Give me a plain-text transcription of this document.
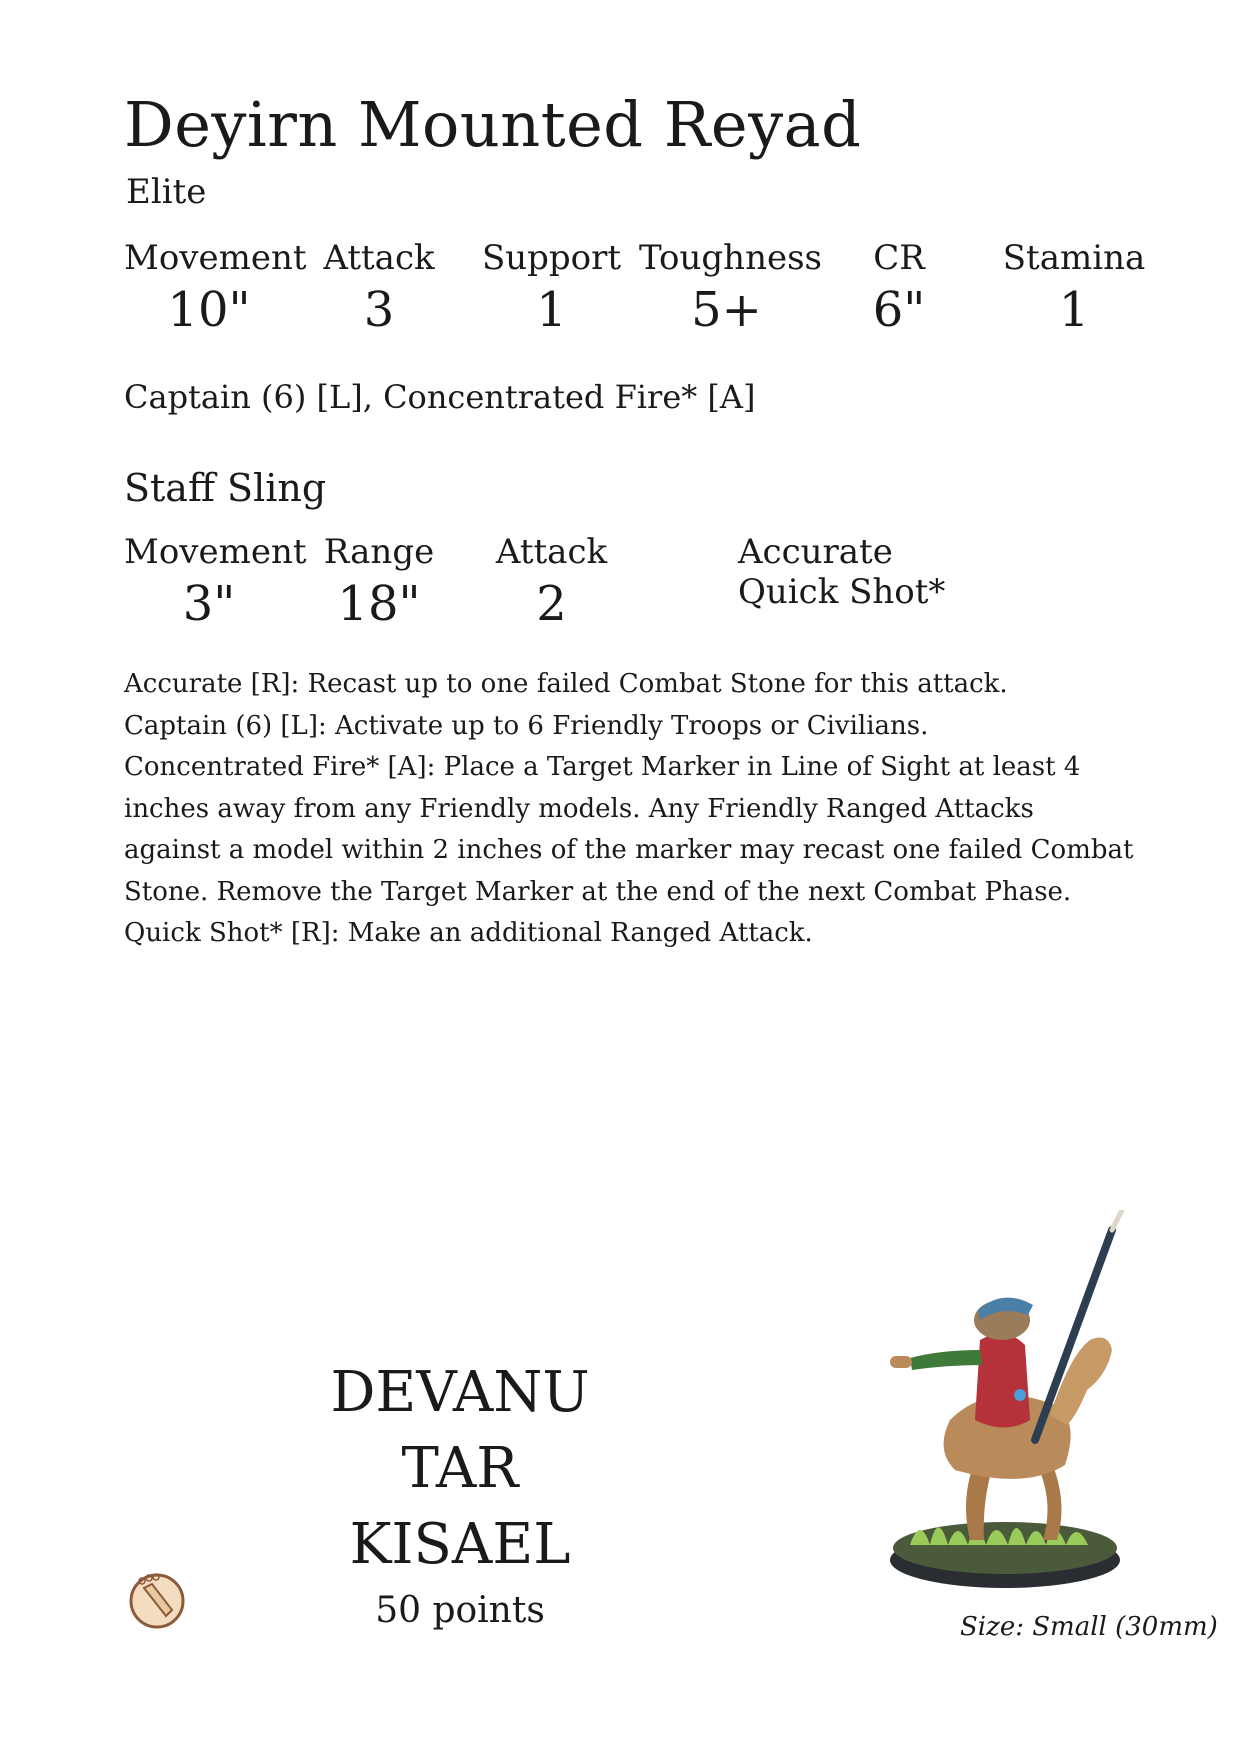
Deyirn Mounted Reyad
Elite
Movement
10"
Attack
3
Support
1
Toughness
5+
CR
6"
Stamina
1
Captain (6) [L], Concentrated Fire* [A]
Staff Sling
Movement
3"
Range
18"
Attack
2
Accurate
Quick Shot*

Accurate [R]: Recast up to one failed Combat Stone for this attack.

Captain (6) [L]: Activate up to 6 Friendly Troops or Civilians.

Concentrated Fire* [A]: Place a Target Marker in Line of Sight at least 4 inches away from any Friendly models. Any Friendly Ranged Attacks against a model within 2 inches of the marker may recast one failed Combat Stone. Remove the Target Marker at the end of the next Combat Phase.

Quick Shot* [R]: Make an additional Ranged Attack.

DEVANU
TAR
KISAEL
50 points	Size: Small (30mm)
